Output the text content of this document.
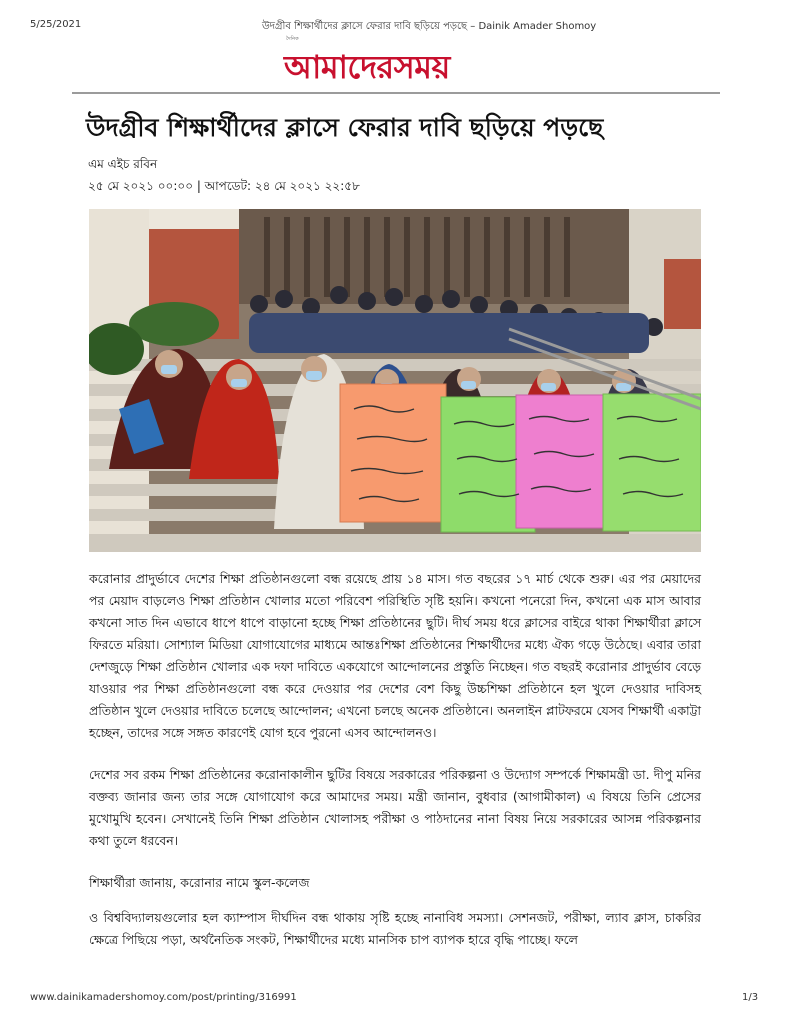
5/25/2021	উদগ্রীব শিক্ষার্থীদের ক্লাসে ফেরার দাবি ছড়িয়ে পড়ছে – Dainik Amader Shomoy
দৈনিক
আমাদেরসময়
উদগ্রীব শিক্ষার্থীদের ক্লাসে ফেরার দাবি ছড়িয়ে পড়ছে
এম এইচ রবিন
২৫ মে ২০২১ ০০:০০ | আপডেট: ২৪ মে ২০২১ ২২:৫৮
করোনার প্রাদুর্ভাবে দেশের শিক্ষা প্রতিষ্ঠানগুলো বন্ধ রয়েছে প্রায় ১৪ মাস। গত বছরের ১৭ মার্চ থেকে শুরু। এর পর মেয়াদের পর মেয়াদ বাড়লেও শিক্ষা প্রতিষ্ঠান খোলার মতো পরিবেশ পরিস্থিতি সৃষ্টি হয়নি। কখনো পনেরো দিন, কখনো এক মাস আবার কখনো সাত দিন এভাবে ধাপে ধাপে বাড়ানো হচ্ছে শিক্ষা প্রতিষ্ঠানের ছুটি। দীর্ঘ সময় ধরে ক্লাসের বাইরে থাকা শিক্ষার্থীরা ক্লাসে ফিরতে মরিয়া। সোশ্যাল মিডিয়া যোগাযোগের মাধ্যমে আন্তঃশিক্ষা প্রতিষ্ঠানের শিক্ষার্থীদের মধ্যে ঐক্য গড়ে উঠেছে। এবার তারা দেশজুড়ে শিক্ষা প্রতিষ্ঠান খোলার এক দফা দাবিতে একযোগে আন্দোলনের প্রস্তুতি নিচ্ছেন। গত বছরই করোনার প্রাদুর্ভাব বেড়ে যাওয়ার পর শিক্ষা প্রতিষ্ঠানগুলো বন্ধ করে দেওয়ার পর দেশের বেশ কিছু উচ্চশিক্ষা প্রতিষ্ঠানে হল খুলে দেওয়ার দাবিসহ প্রতিষ্ঠান খুলে দেওয়ার দাবিতে চলেছে আন্দোলন; এখনো চলছে অনেক প্রতিষ্ঠানে। অনলাইন প্লাটফরমে যেসব শিক্ষার্থী একাট্টা হচ্ছেন, তাদের সঙ্গে সঙ্গত কারণেই যোগ হবে পুরনো এসব আন্দোলনও।
দেশের সব রকম শিক্ষা প্রতিষ্ঠানের করোনাকালীন ছুটির বিষয়ে সরকারের পরিকল্পনা ও উদ্যোগ সম্পর্কে শিক্ষামন্ত্রী ডা. দীপু মনির বক্তব্য জানার জন্য তার সঙ্গে যোগাযোগ করে আমাদের সময়। মন্ত্রী জানান, বুধবার (আগামীকাল) এ বিষয়ে তিনি প্রেসের মুখোমুখি হবেন। সেখানেই তিনি শিক্ষা প্রতিষ্ঠান খোলাসহ পরীক্ষা ও পাঠদানের নানা বিষয় নিয়ে সরকারের আসন্ন পরিকল্পনার কথা তুলে ধরবেন।
শিক্ষার্থীরা জানায়, করোনার নামে স্কুল-কলেজ
ও বিশ্ববিদ্যালয়গুলোর হল ক্যাম্পাস দীর্ঘদিন বন্ধ থাকায় সৃষ্টি হচ্ছে নানাবিধ সমস্যা। সেশনজট, পরীক্ষা, ল্যাব ক্লাস, চাকরির ক্ষেত্রে পিছিয়ে পড়া, অর্থনৈতিক সংকট, শিক্ষার্থীদের মধ্যে মানসিক চাপ ব্যাপক হারে বৃদ্ধি পাচ্ছে। ফলে
www.dainikamadershomoy.com/post/printing/316991	1/3
